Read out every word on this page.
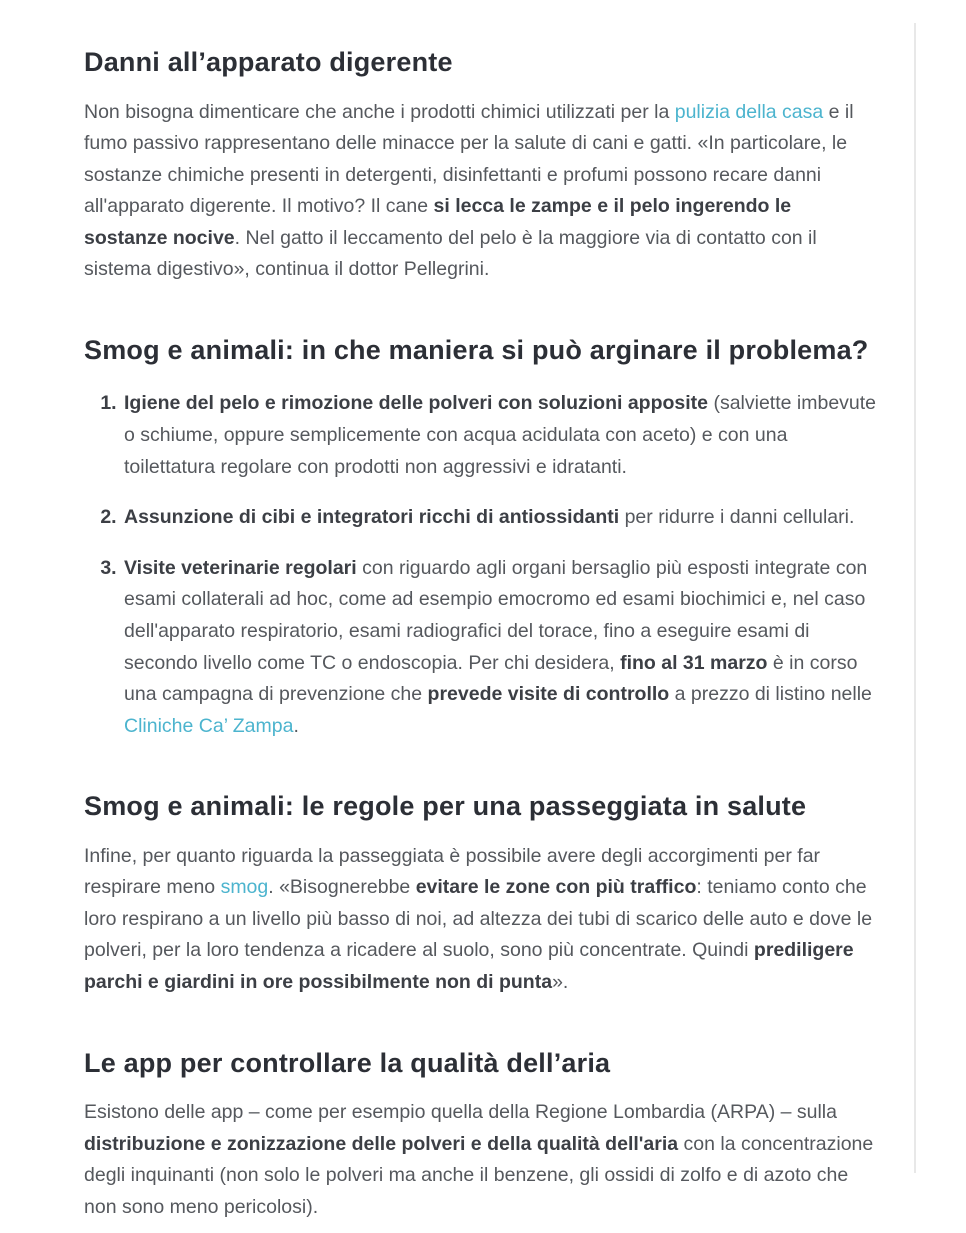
Danni all’apparato digerente

Non bisogna dimenticare che anche i prodotti chimici utilizzati per la pulizia della casa e il fumo passivo rappresentano delle minacce per la salute di cani e gatti. «In particolare, le sostanze chimiche presenti in detergenti, disinfettanti e profumi possono recare danni all'apparato digerente. Il motivo? Il cane si lecca le zampe e il pelo ingerendo le sostanze nocive. Nel gatto il leccamento del pelo è la maggiore via di contatto con il sistema digestivo», continua il dottor Pellegrini.

Smog e animali: in che maniera si può arginare il problema?
1. Igiene del pelo e rimozione delle polveri con soluzioni apposite (salviette imbevute o schiume, oppure semplicemente con acqua acidulata con aceto) e con una toilettatura regolare con prodotti non aggressivi e idratanti.
2. Assunzione di cibi e integratori ricchi di antiossidanti per ridurre i danni cellulari.
3. Visite veterinarie regolari con riguardo agli organi bersaglio più esposti integrate con esami collaterali ad hoc, come ad esempio emocromo ed esami biochimici e, nel caso dell'apparato respiratorio, esami radiografici del torace, fino a eseguire esami di secondo livello come TC o endoscopia. Per chi desidera, fino al 31 marzo è in corso una campagna di prevenzione che prevede visite di controllo a prezzo di listino nelle Cliniche Ca’ Zampa.
Smog e animali: le regole per una passeggiata in salute

Infine, per quanto riguarda la passeggiata è possibile avere degli accorgimenti per far respirare meno smog. «Bisognerebbe evitare le zone con più traffico: teniamo conto che loro respirano a un livello più basso di noi, ad altezza dei tubi di scarico delle auto e dove le polveri, per la loro tendenza a ricadere al suolo, sono più concentrate. Quindi prediligere parchi e giardini in ore possibilmente non di punta».

Le app per controllare la qualità dell’aria

Esistono delle app – come per esempio quella della Regione Lombardia (ARPA) – sulla distribuzione e zonizzazione delle polveri e della qualità dell'aria con la concentrazione degli inquinanti (non solo le polveri ma anche il benzene, gli ossidi di zolfo e di azoto che non sono meno pericolosi).
